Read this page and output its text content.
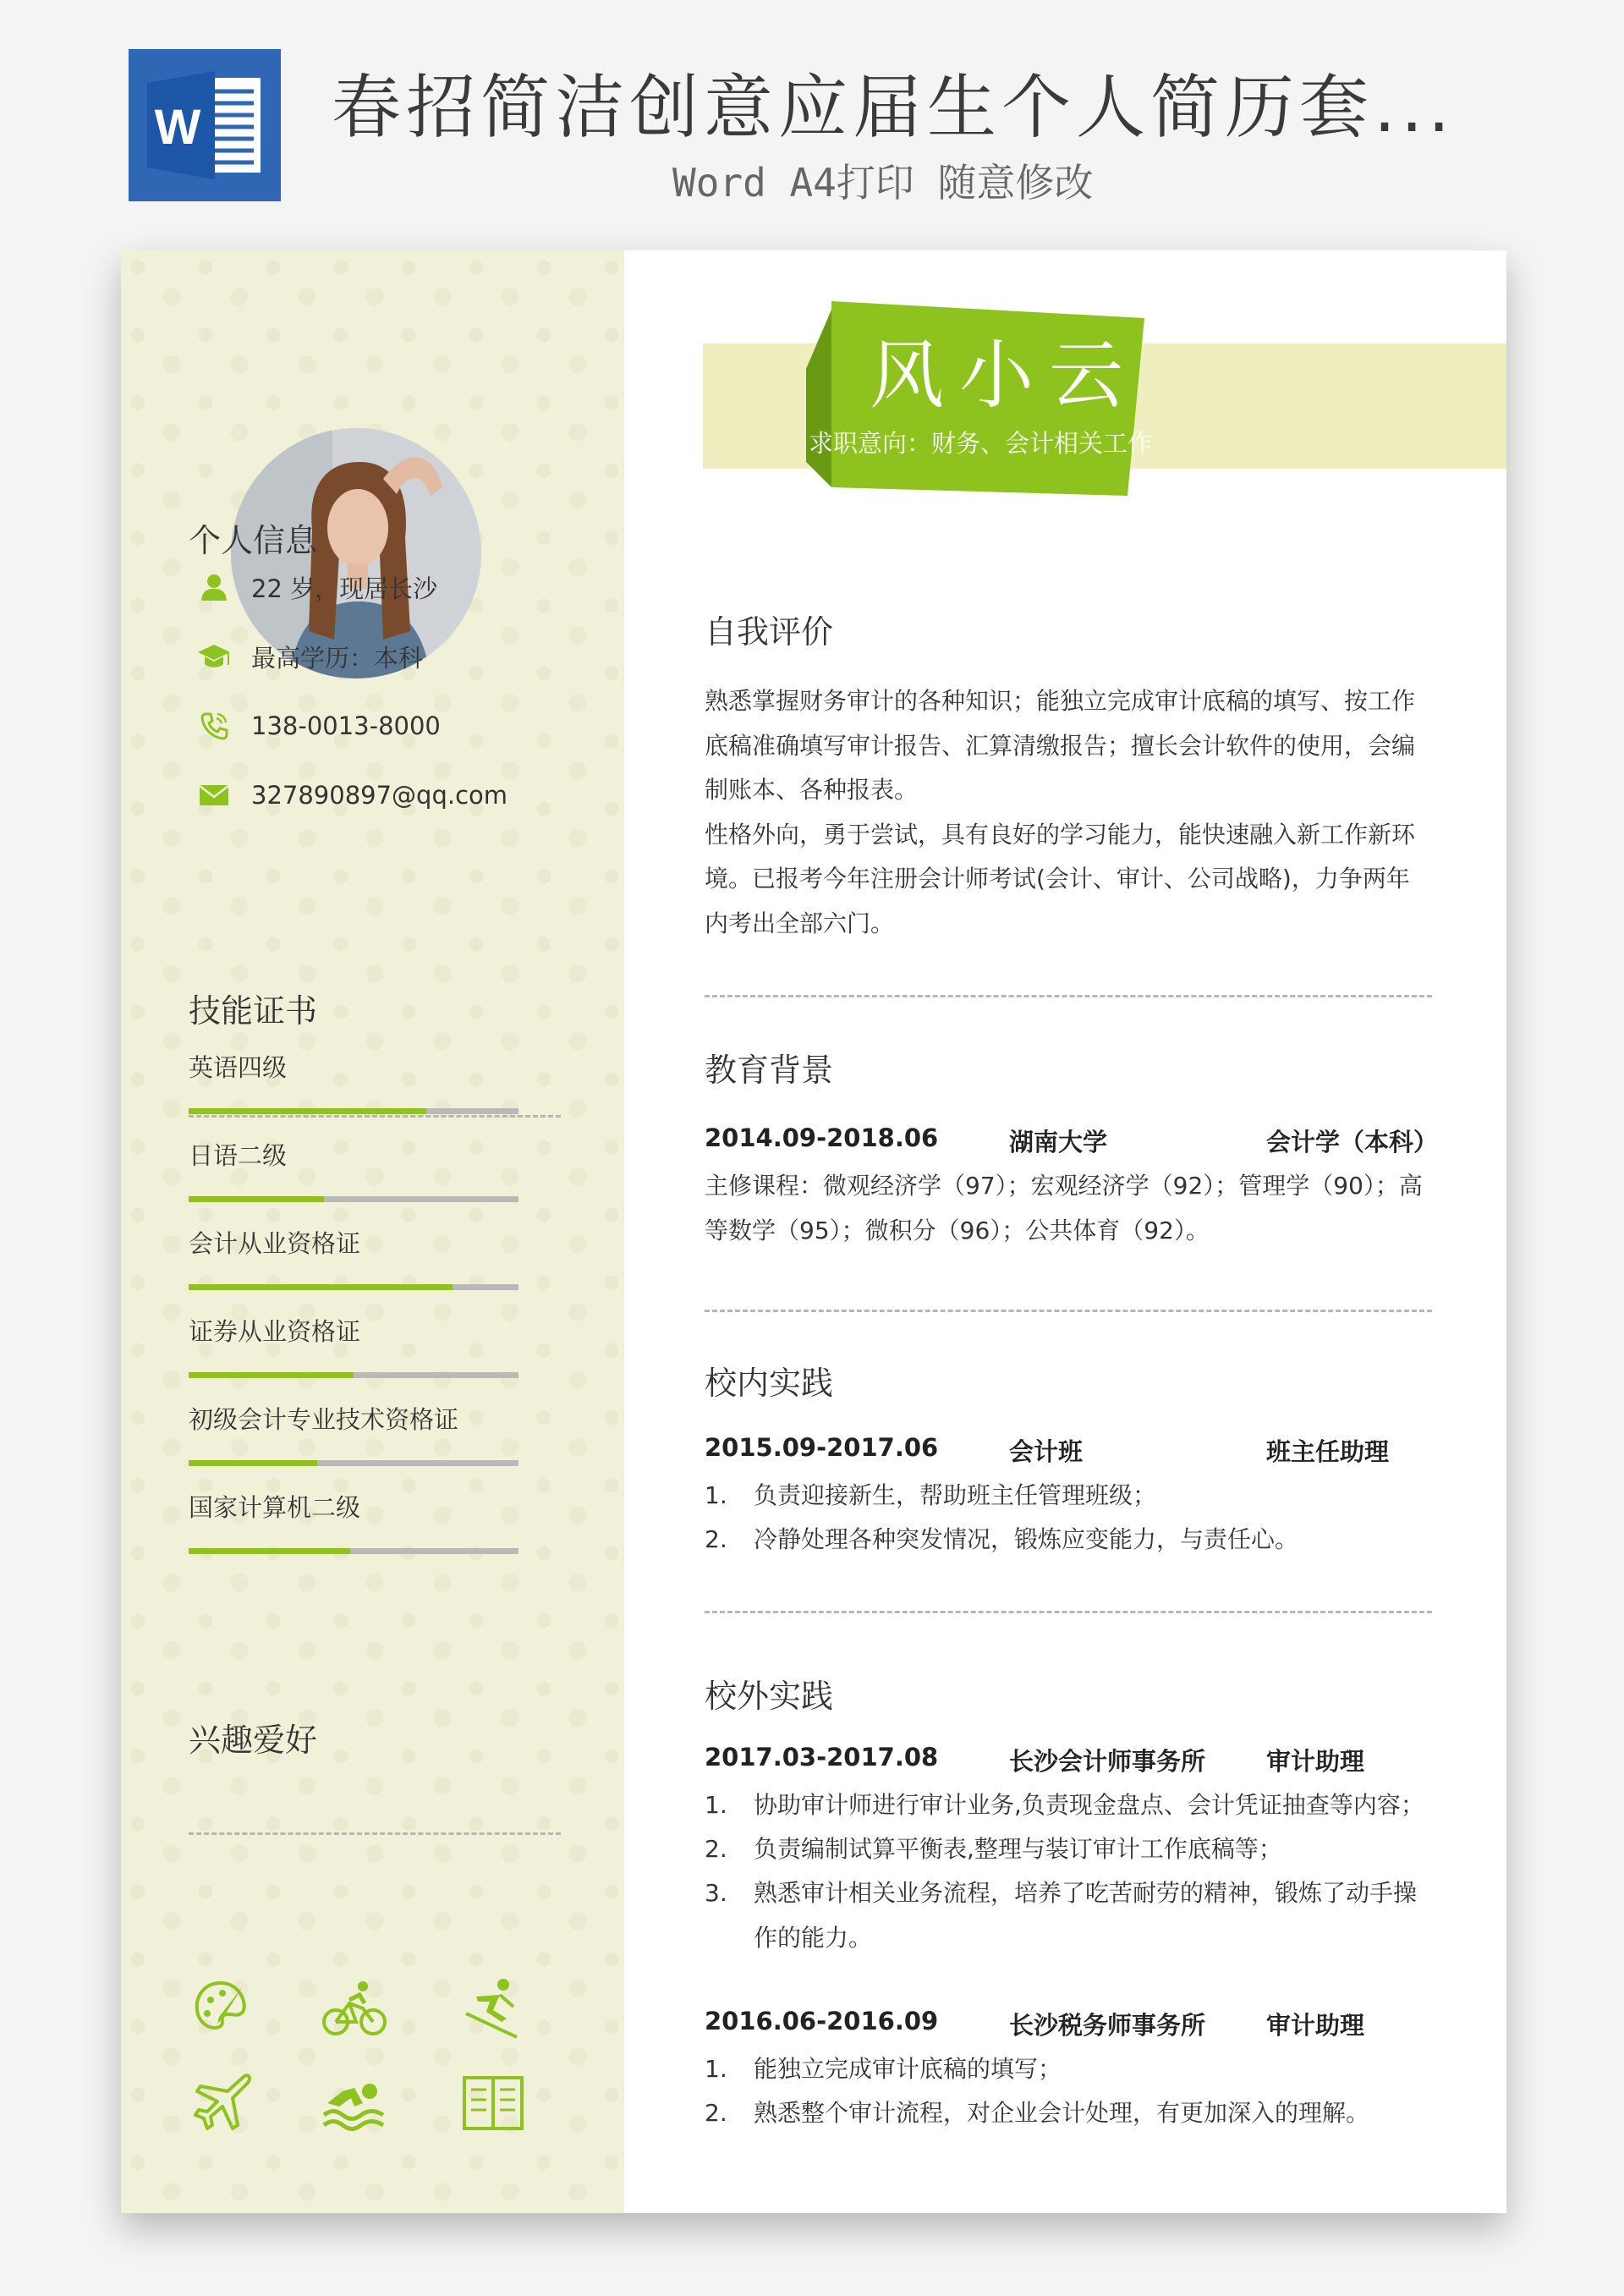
W 春招简洁创意应届生个人简历套...
Word A4打印 随意修改
个人信息
22 岁，现居长沙
最高学历：本科
138-0013-8000
327890897@qq.com
技能证书
英语四级
日语二级
会计从业资格证
证券从业资格证
初级会计专业技术资格证
国家计算机二级
兴趣爱好
风小云
求职意向：财务、会计相关工作
自我评价
熟悉掌握财务审计的各种知识；能独立完成审计底稿的填写、按工作
底稿准确填写审计报告、汇算清缴报告；擅长会计软件的使用，会编
制账本、各种报表。
性格外向，勇于尝试，具有良好的学习能力，能快速融入新工作新环
境。已报考今年注册会计师考试(会计、审计、公司战略)，力争两年
内考出全部六门。
教育背景
2014.09-2018.06	湖南大学	会计学（本科）
主修课程：微观经济学（97）；宏观经济学（92）；管理学（90）；高
等数学（95）；微积分（96）；公共体育（92）。
校内实践
2015.09-2017.06	会计班	班主任助理
1. 负责迎接新生，帮助班主任管理班级；
2. 冷静处理各种突发情况，锻炼应变能力，与责任心。
校外实践
2017.03-2017.08	长沙会计师事务所 审计助理
1. 协助审计师进行审计业务,负责现金盘点、会计凭证抽查等内容；
2. 负责编制试算平衡表,整理与装订审计工作底稿等；
3. 熟悉审计相关业务流程，培养了吃苦耐劳的精神，锻炼了动手操作的能力。
2016.06-2016.09	长沙税务师事务所 审计助理
1. 能独立完成审计底稿的填写；
2. 熟悉整个审计流程，对企业会计处理，有更加深入的理解。
